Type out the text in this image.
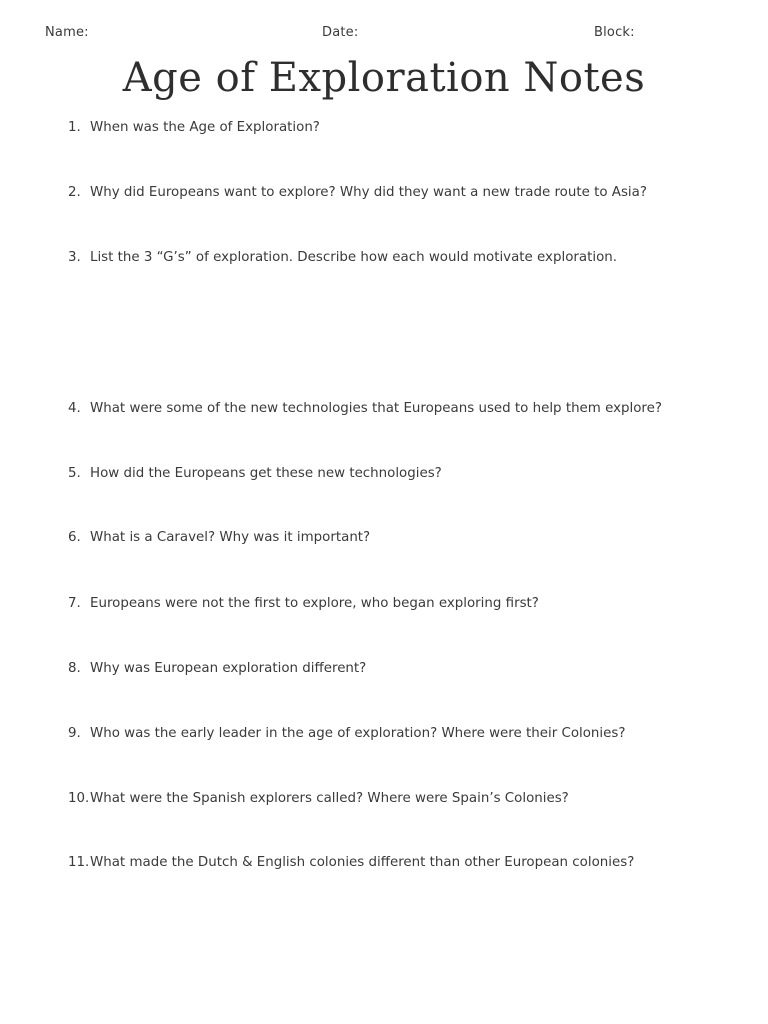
Name:	Date:	Block:
Age of Exploration Notes
1. When was the Age of Exploration?
2. Why did Europeans want to explore? Why did they want a new trade route to Asia?
3. List the 3 “G’s” of exploration. Describe how each would motivate exploration.
4. What were some of the new technologies that Europeans used to help them explore?
5. How did the Europeans get these new technologies?
6. What is a Caravel? Why was it important?
7. Europeans were not the first to explore, who began exploring first?
8. Why was European exploration different?
9. Who was the early leader in the age of exploration? Where were their Colonies?
10. What were the Spanish explorers called? Where were Spain’s Colonies?
11. What made the Dutch & English colonies different than other European colonies?
